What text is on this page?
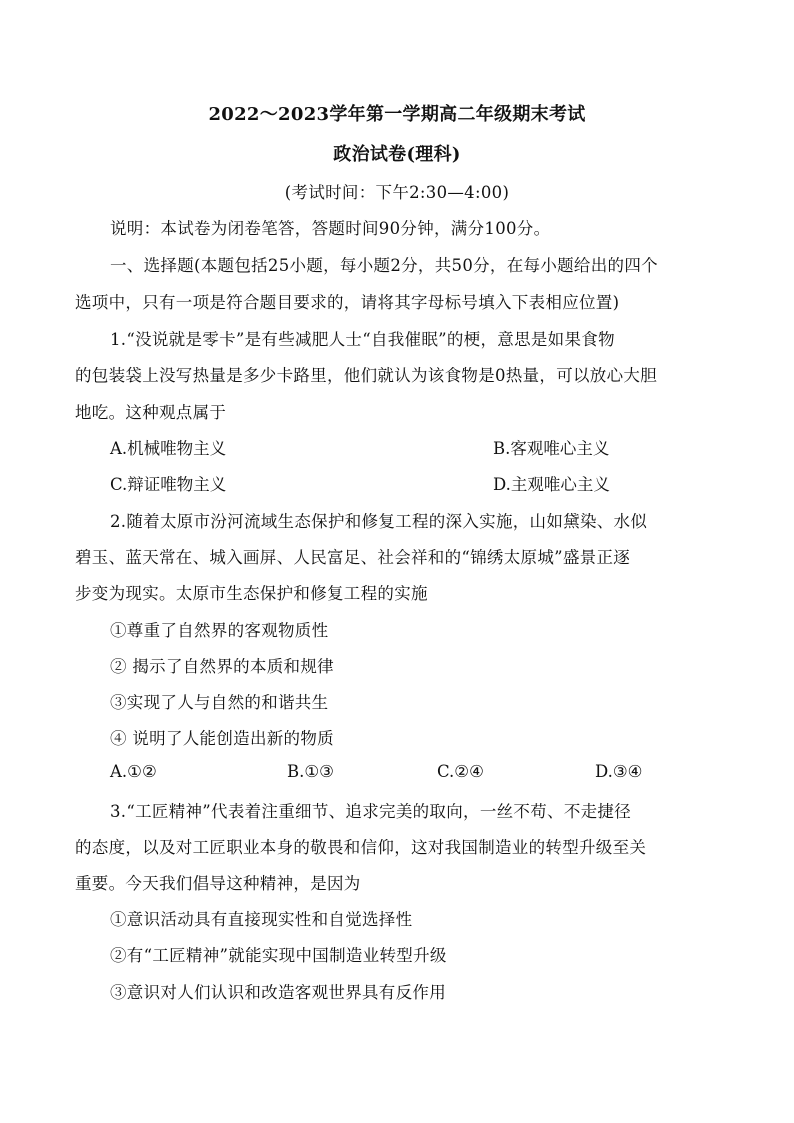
2022～2023学年第一学期高二年级期末考试
政治试卷(理科)
(考试时间：下午2:30—4:00)
说明：本试卷为闭卷笔答，答题时间90分钟，满分100分。
一、选择题(本题包括25小题，每小题2分，共50分，在每小题给出的四个
选项中，只有一项是符合题目要求的，请将其字母标号填入下表相应位置)
1.“没说就是零卡”是有些减肥人士“自我催眠”的梗，意思是如果食物
的包装袋上没写热量是多少卡路里，他们就认为该食物是0热量，可以放心大胆
地吃。这种观点属于
A.机械唯物主义	B.客观唯心主义
C.辩证唯物主义	D.主观唯心主义
2.随着太原市汾河流域生态保护和修复工程的深入实施，山如黛染、水似
碧玉、蓝天常在、城入画屏、人民富足、社会祥和的“锦绣太原城”盛景正逐
步变为现实。太原市生态保护和修复工程的实施
①尊重了自然界的客观物质性
② 揭示了自然界的本质和规律
③实现了人与自然的和谐共生
④ 说明了人能创造出新的物质
A.①②	B.①③	C.②④	D.③④
3.“工匠精神”代表着注重细节、追求完美的取向，一丝不苟、不走捷径
的态度，以及对工匠职业本身的敬畏和信仰，这对我国制造业的转型升级至关
重要。今天我们倡导这种精神，是因为
①意识活动具有直接现实性和自觉选择性
②有“工匠精神”就能实现中国制造业转型升级
③意识对人们认识和改造客观世界具有反作用
